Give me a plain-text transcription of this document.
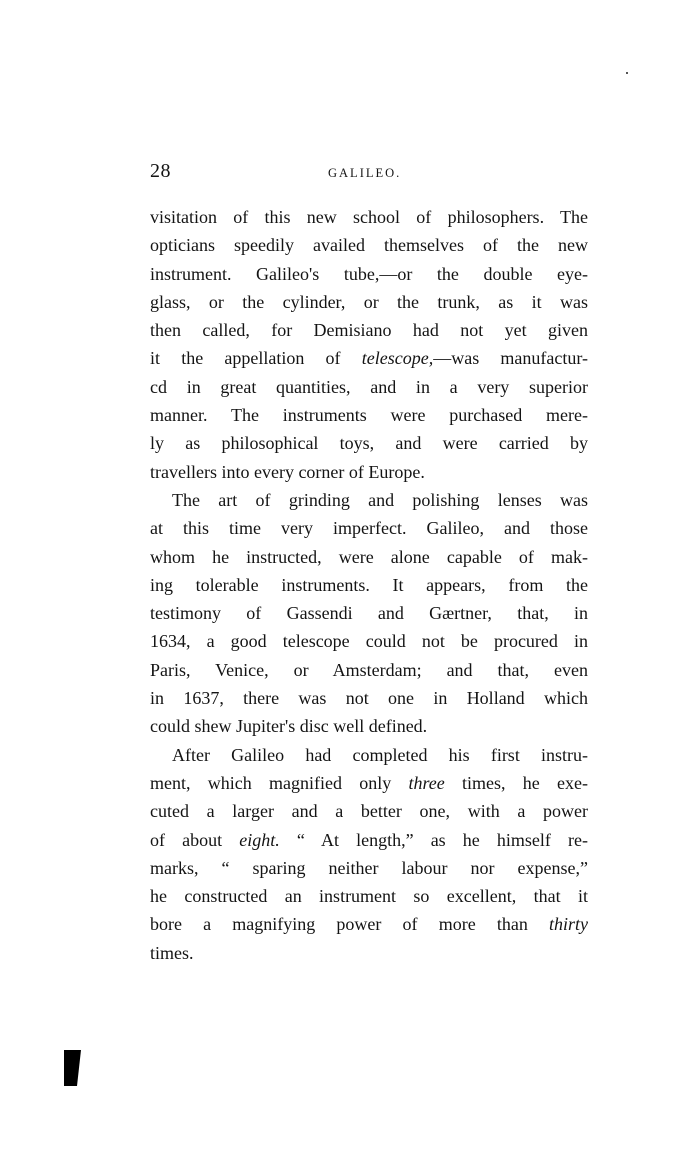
28	GALILEO.
visitation of this new school of philosophers. The
opticians speedily availed themselves of the new
instrument. Galileo's tube,—or the double eye-
glass, or the cylinder, or the trunk, as it was
then called, for Demisiano had not yet given
it the appellation of telescope,—was manufactur-
cd in great quantities, and in a very superior
manner. The instruments were purchased mere-
ly as philosophical toys, and were carried by
travellers into every corner of Europe.
The art of grinding and polishing lenses was
at this time very imperfect. Galileo, and those
whom he instructed, were alone capable of mak-
ing tolerable instruments. It appears, from the
testimony of Gassendi and Gærtner, that, in
1634, a good telescope could not be procured in
Paris, Venice, or Amsterdam; and that, even
in 1637, there was not one in Holland which
could shew Jupiter's disc well defined.
After Galileo had completed his first instru-
ment, which magnified only three times, he exe-
cuted a larger and a better one, with a power
of about eight. “ At length,” as he himself re-
marks, “ sparing neither labour nor expense,”
he constructed an instrument so excellent, that it
bore a magnifying power of more than thirty
times.
